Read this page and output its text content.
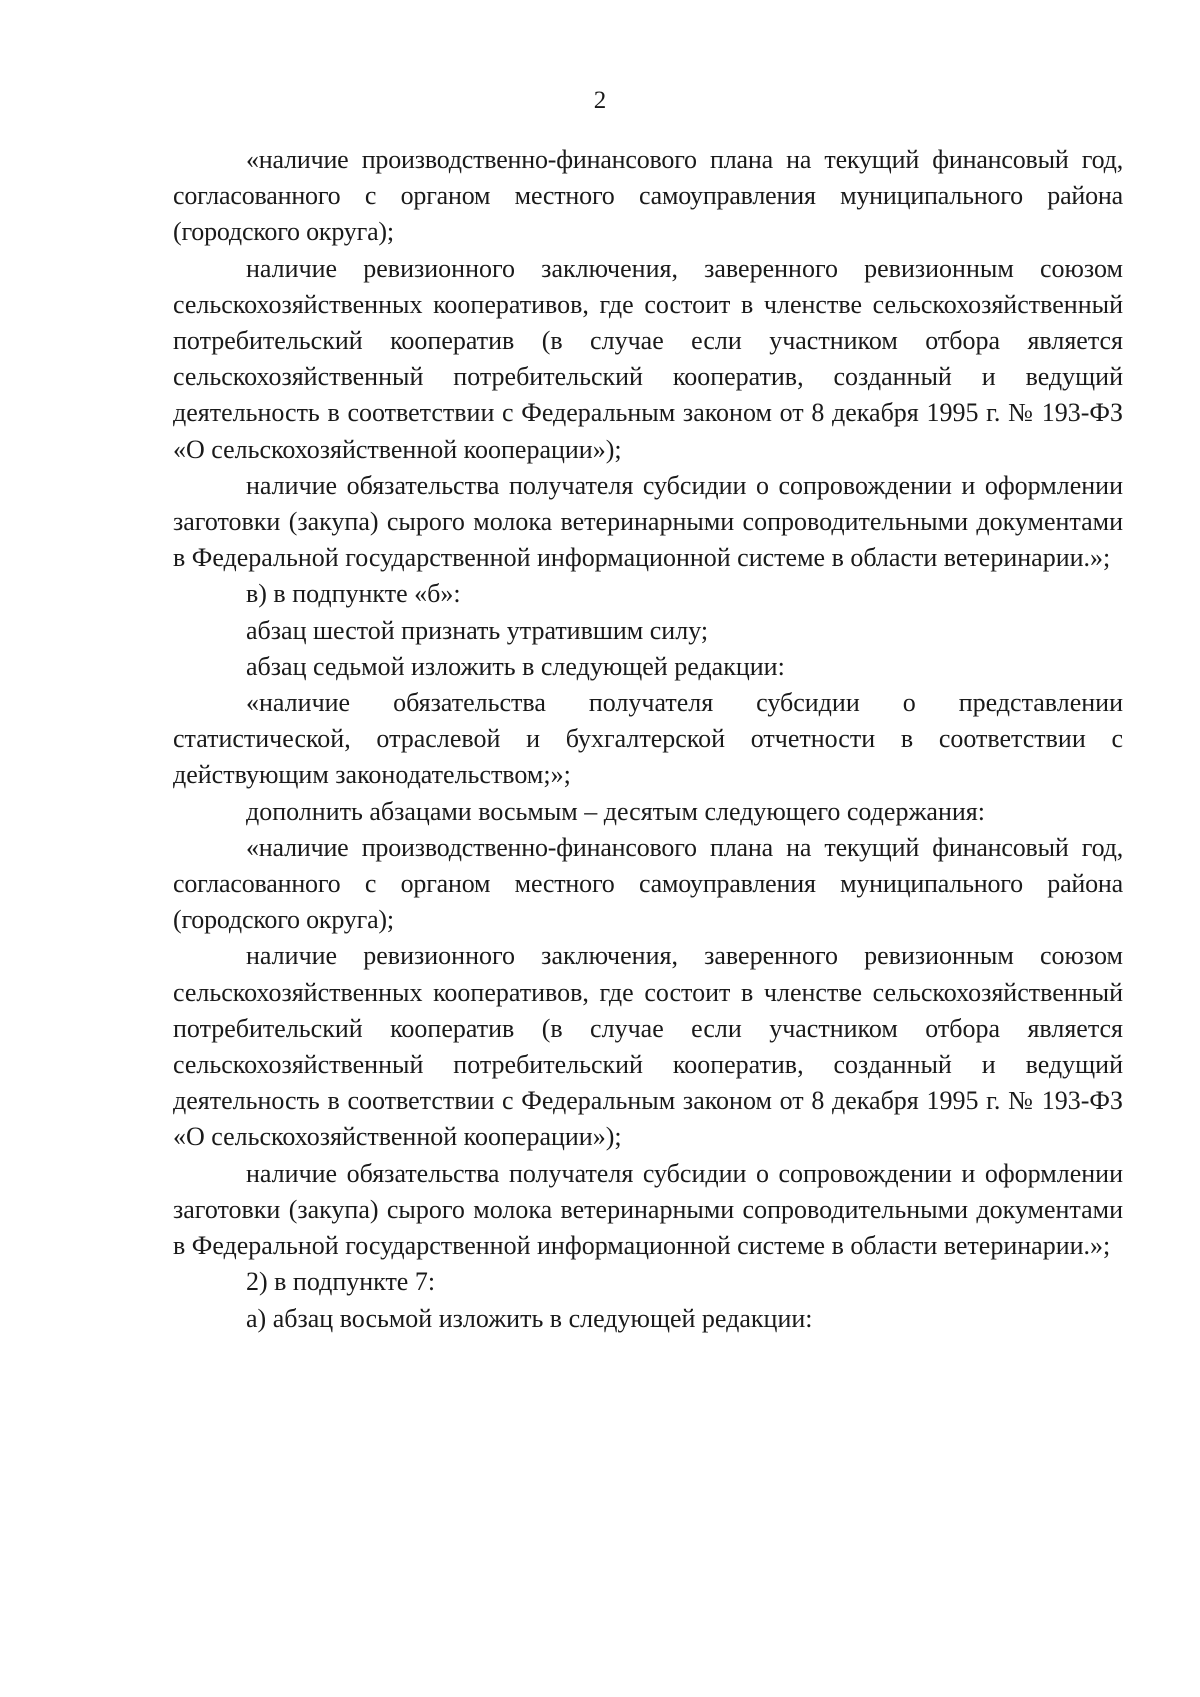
2

«наличие производственно-финансового плана на текущий финансовый год, согласованного с органом местного самоуправления муниципального района (городского округа);

наличие ревизионного заключения, заверенного ревизионным союзом сельскохозяйственных кооперативов, где состоит в членстве сельскохозяйственный потребительский кооператив (в случае если участником отбора является сельскохозяйственный потребительский кооператив, созданный и ведущий деятельность в соответствии с Федеральным законом от 8 декабря 1995 г. № 193-ФЗ «О сельскохозяйственной кооперации»);

наличие обязательства получателя субсидии о сопровождении и оформлении заготовки (закупа) сырого молока ветеринарными сопроводительными документами в Федеральной государственной информационной системе в области ветеринарии.»;

в) в подпункте «б»:

абзац шестой признать утратившим силу;

абзац седьмой изложить в следующей редакции:

«наличие обязательства получателя субсидии о представлении статистической, отраслевой и бухгалтерской отчетности в соответствии с действующим законодательством;»;

дополнить абзацами восьмым – десятым следующего содержания:

«наличие производственно-финансового плана на текущий финансовый год, согласованного с органом местного самоуправления муниципального района (городского округа);

наличие ревизионного заключения, заверенного ревизионным союзом сельскохозяйственных кооперативов, где состоит в членстве сельскохозяйственный потребительский кооператив (в случае если участником отбора является сельскохозяйственный потребительский кооператив, созданный и ведущий деятельность в соответствии с Федеральным законом от 8 декабря 1995 г. № 193-ФЗ «О сельскохозяйственной кооперации»);

наличие обязательства получателя субсидии о сопровождении и оформлении заготовки (закупа) сырого молока ветеринарными сопроводительными документами в Федеральной государственной информационной системе в области ветеринарии.»;

2) в подпункте 7:

а) абзац восьмой изложить в следующей редакции:
